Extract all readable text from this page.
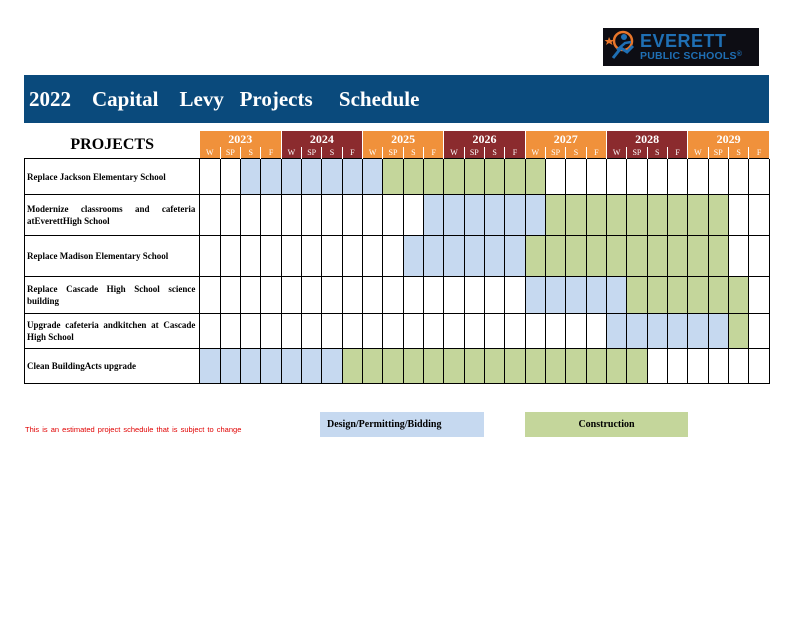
EVERETT
PUBLIC SCHOOLS®
2022    Capital    Levy   Projects     Schedule
PROJECTS	2023				2024				2025				2026				2027				2028				2029			
	W	SP	S	F	W	SP	S	F	W	SP	S	F	W	SP	S	F	W	SP	S	F	W	SP	S	F	W	SP	S	F
Replace Jackson Elementary School																												
Modernize classrooms and cafeteria atEverettHigh School																												
Replace Madison Elementary School																												
Replace Cascade High School science building																												
Upgrade cafeteria andkitchen at Cascade High School																												
Clean BuildingActs upgrade																												
This is an estimated project schedule that is subject to change	Design/Permitting/Bidding	Construction
